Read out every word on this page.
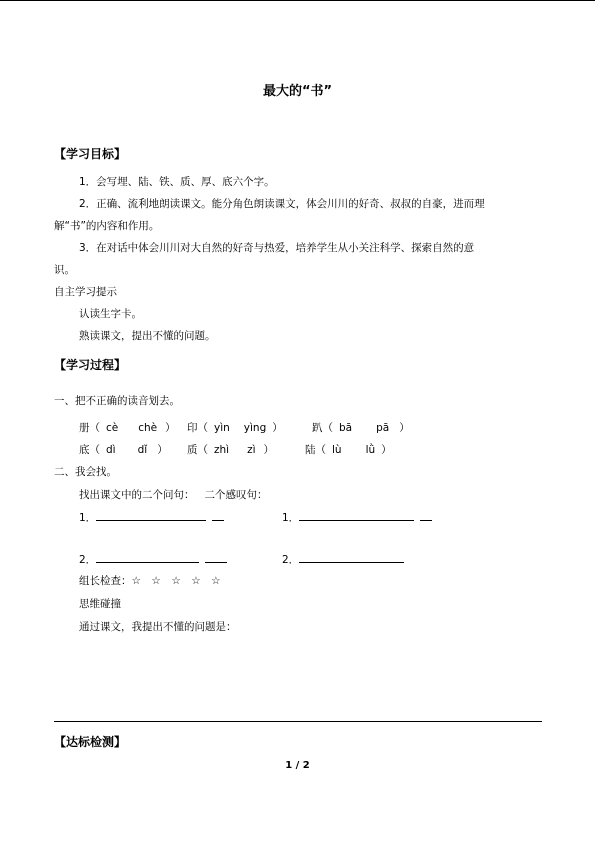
最大的“书”
【学习目标】
1．会写埋、陆、铁、质、厚、底六个字。
2．正确、流利地朗读课文。能分角色朗读课文，体会川川的好奇、叔叔的自豪，进而理
解“书”的内容和作用。
3．在对话中体会川川对大自然的好奇与热爱，培养学生从小关注科学、探索自然的意
识。
自主学习提示
认读生字卡。
熟读课文，提出不懂的问题。
【学习过程】
一、把不正确的读音划去。
册（ cè chè ） 印（ yìn yìng ）	趴（ bā pā ）
底（ dì dǐ ） 质（ zhì zì ）	陆（ lù lǜ ）
二、我会找。
找出课文中的二个问句： 二个感叹句：
1．	1．
2．	2．
组长检查：☆　☆　☆　☆　☆
思维碰撞
通过课文，我提出不懂的问题是：
【达标检测】
1 / 2
